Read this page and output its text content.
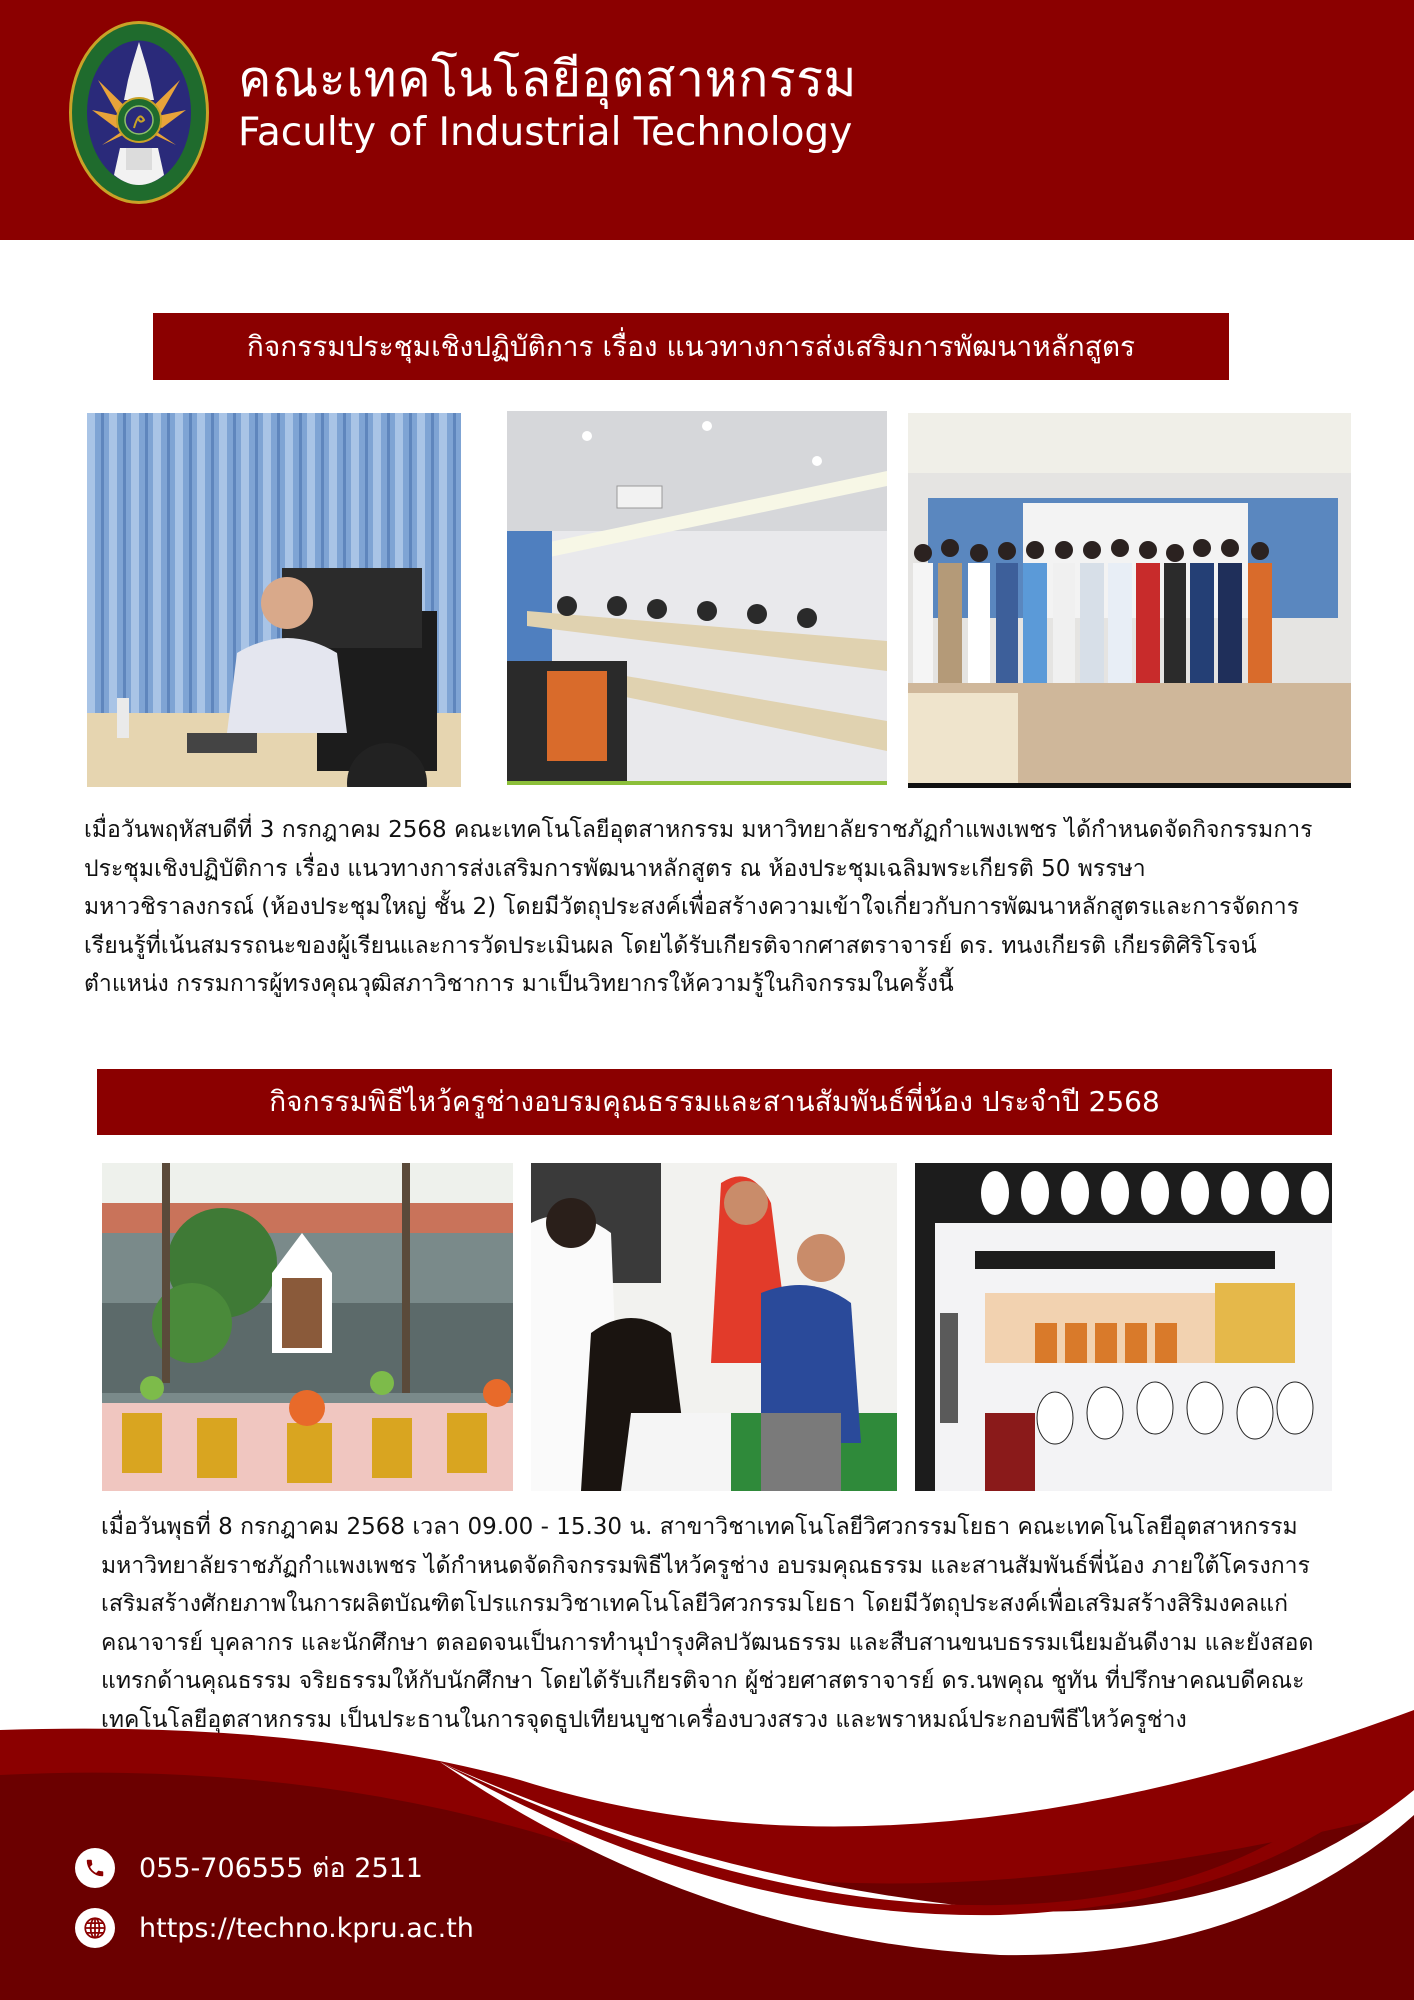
คณะเทคโนโลยีอุตสาหกรรม
Faculty of Industrial Technology
กิจกรรมประชุมเชิงปฏิบัติการ เรื่อง แนวทางการส่งเสริมการพัฒนาหลักสูตร
เมื่อวันพฤหัสบดีที่ 3 กรกฎาคม 2568 คณะเทคโนโลยีอุตสาหกรรม มหาวิทยาลัยราชภัฏกำแพงเพชร ได้กำหนดจัดกิจกรรมการ
ประชุมเชิงปฏิบัติการ เรื่อง แนวทางการส่งเสริมการพัฒนาหลักสูตร ณ ห้องประชุมเฉลิมพระเกียรติ 50 พรรษา
มหาวชิราลงกรณ์ (ห้องประชุมใหญ่ ชั้น 2) โดยมีวัตถุประสงค์เพื่อสร้างความเข้าใจเกี่ยวกับการพัฒนาหลักสูตรและการจัดการ
เรียนรู้ที่เน้นสมรรถนะของผู้เรียนและการวัดประเมินผล โดยได้รับเกียรติจากศาสตราจารย์ ดร. ทนงเกียรติ เกียรติศิริโรจน์
ตำแหน่ง กรรมการผู้ทรงคุณวุฒิสภาวิชาการ มาเป็นวิทยากรให้ความรู้ในกิจกรรมในครั้งนี้
กิจกรรมพิธีไหว้ครูช่างอบรมคุณธรรมและสานสัมพันธ์พี่น้อง ประจำปี 2568
เมื่อวันพุธที่ 8 กรกฎาคม 2568 เวลา 09.00 - 15.30 น. สาขาวิชาเทคโนโลยีวิศวกรรมโยธา คณะเทคโนโลยีอุตสาหกรรม
มหาวิทยาลัยราชภัฏกำแพงเพชร ได้กำหนดจัดกิจกรรมพิธีไหว้ครูช่าง อบรมคุณธรรม และสานสัมพันธ์พี่น้อง ภายใต้โครงการ
เสริมสร้างศักยภาพในการผลิตบัณฑิตโปรแกรมวิชาเทคโนโลยีวิศวกรรมโยธา โดยมีวัตถุประสงค์เพื่อเสริมสร้างสิริมงคลแก่
คณาจารย์ บุคลากร และนักศึกษา ตลอดจนเป็นการทำนุบำรุงศิลปวัฒนธรรม และสืบสานขนบธรรมเนียมอันดีงาม และยังสอด
แทรกด้านคุณธรรม จริยธรรมให้กับนักศึกษา โดยได้รับเกียรติจาก ผู้ช่วยศาสตราจารย์ ดร.นพคุณ ชูทัน ที่ปรึกษาคณบดีคณะ
เทคโนโลยีอุตสาหกรรม เป็นประธานในการจุดธูปเทียนบูชาเครื่องบวงสรวง และพราหมณ์ประกอบพีธีไหว้ครูช่าง
055-706555 ต่อ 2511
https://techno.kpru.ac.th
